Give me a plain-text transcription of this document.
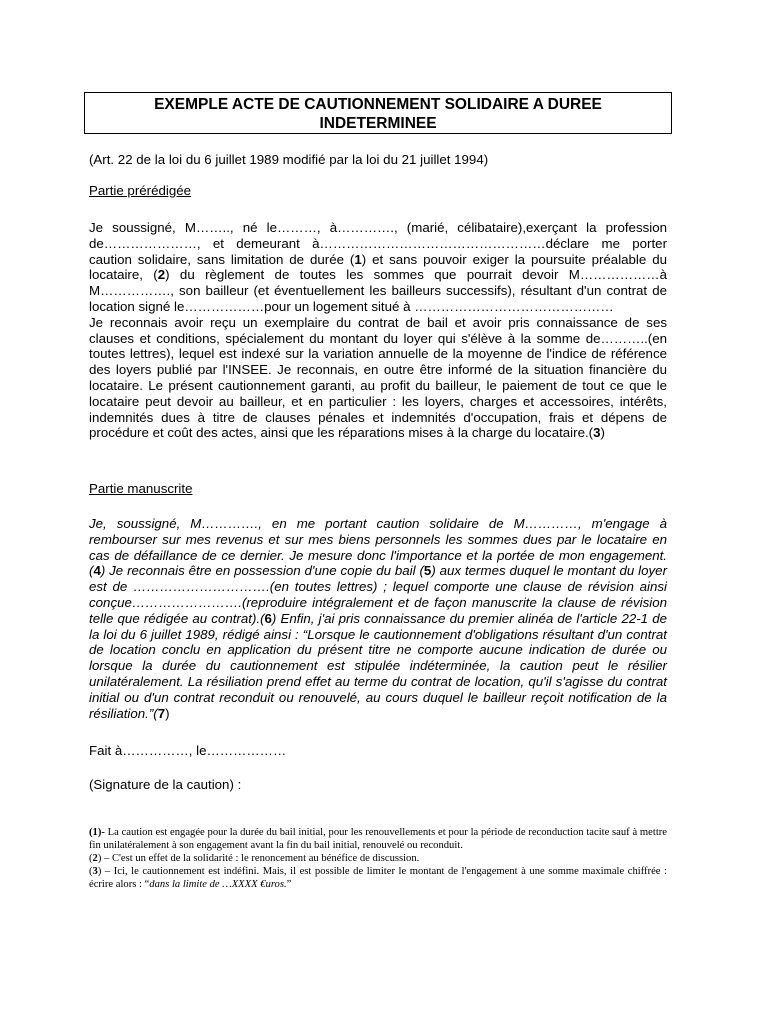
EXEMPLE ACTE DE CAUTIONNEMENT SOLIDAIRE A DUREE
INDETERMINEE
(Art. 22 de la loi du 6 juillet 1989 modifié par la loi du 21 juillet 1994)
Partie prérédigée
Je soussigné, M…….., né le………, à…………., (marié, célibataire),exerçant la profession de…………………, et demeurant à……………………………………………déclare me porter caution solidaire, sans limitation de durée (1) et sans pouvoir exiger la poursuite préalable du locataire, (2) du règlement de toutes les sommes que pourrait devoir M………………à M……………., son bailleur (et éventuellement les bailleurs successifs), résultant d'un contrat de location signé le………………pour un logement situé à ………………………………………
Je reconnais avoir reçu un exemplaire du contrat de bail et avoir pris connaissance de ses clauses et conditions, spécialement du montant du loyer qui s'élève à la somme de………..(en toutes lettres), lequel est indexé sur la variation annuelle de la moyenne de l'indice de référence des loyers publié par l'INSEE. Je reconnais, en outre être informé de la situation financière du locataire. Le présent cautionnement garanti, au profit du bailleur, le paiement de tout ce que le locataire peut devoir au bailleur, et en particulier : les loyers, charges et accessoires, intérêts, indemnités dues à titre de clauses pénales et indemnités d'occupation, frais et dépens de procédure et coût des actes, ainsi que les réparations mises à la charge du locataire.(3)
Partie manuscrite
Je, soussigné, M…………., en me portant caution solidaire de M…………, m'engage à rembourser sur mes revenus et sur mes biens personnels les sommes dues par le locataire en cas de défaillance de ce dernier. Je mesure donc l'importance et la portée de mon engagement.(4) Je reconnais être en possession d'une copie du bail (5) aux termes duquel le montant du loyer est de ………………………….(en toutes lettres) ; lequel comporte une clause de révision ainsi conçue…………………….(reproduire intégralement et de façon manuscrite la clause de révision telle que rédigée au contrat).(6) Enfin, j'ai pris connaissance du premier alinéa de l'article 22-1 de la loi du 6 juillet 1989, rédigé ainsi : “Lorsque le cautionnement d'obligations résultant d'un contrat de location conclu en application du présent titre ne comporte aucune indication de durée ou lorsque la durée du cautionnement est stipulée indéterminée, la caution peut le résilier unilatéralement. La résiliation prend effet au terme du contrat de location, qu'il s'agisse du contrat initial ou d'un contrat reconduit ou renouvelé, au cours duquel le bailleur reçoit notification de la résiliation.”(7)
Fait à……………, le………………
(Signature de la caution) :

(1)- La caution est engagée pour la durée du bail initial, pour les renouvellements et pour la période de reconduction tacite sauf à mettre fin unilatéralement à son engagement avant la fin du bail initial, renouvelé ou reconduit.

(2) – C'est un effet de la solidarité : le renoncement au bénéfice de discussion.

(3) – Ici, le cautionnement est indéfini. Mais, il est possible de limiter le montant de l'engagement à une somme maximale chiffrée : écrire alors : “dans la limite de …XXXX €uros.”
